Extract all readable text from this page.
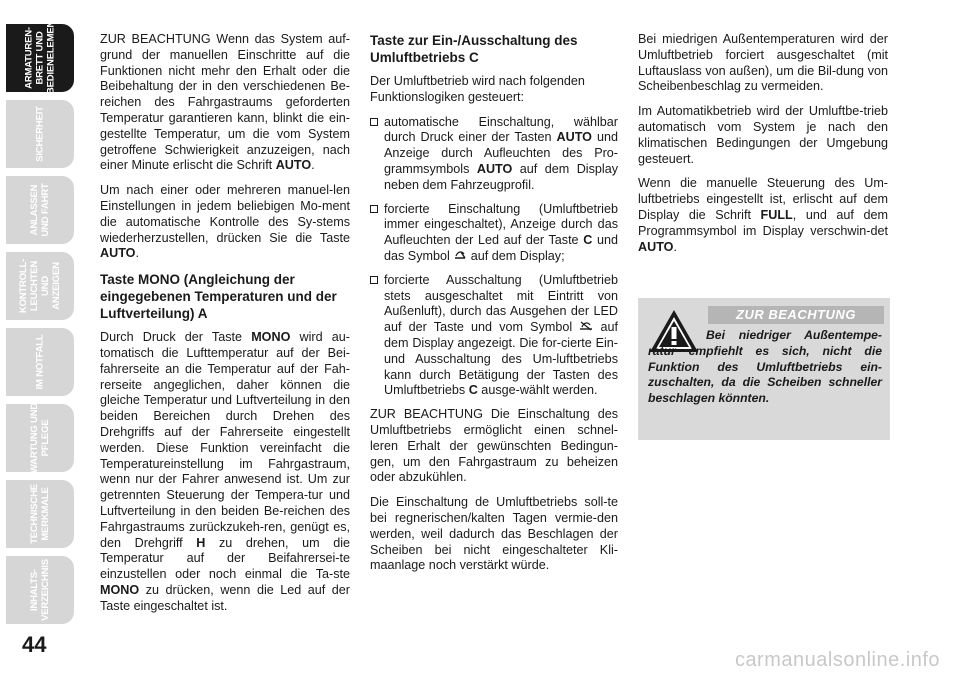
ARMATUREN-
BRETT UND
BEDIENELEMENTE
SICHERHEIT
ANLASSEN
UND FAHRT
KONTROLL-
LEUCHTEN UND
ANZEIGEN
IM NOTFALL
WARTUNG UND
PFLEGE
TECHNISCHE
MERKMALE
INHALTS-
VERZEICHNIS
44

ZUR BEACHTUNG Wenn das System auf-grund der manuellen Einschritte auf die Funktionen nicht mehr den Erhalt oder die Beibehaltung der in den verschiedenen Be-reichen des Fahrgastraums geforderten Temperatur garantieren kann, blinkt die ein-gestellte Temperatur, um die vom System getroffene Schwierigkeit anzuzeigen, nach einer Minute erlischt die Schrift AUTO.

Um nach einer oder mehreren manuel-len Einstellungen in jedem beliebigen Mo-ment die automatische Kontrolle des Sy-stems wiederherzustellen, drücken Sie die Taste AUTO.

Taste MONO (Angleichung der eingegebenen Temperaturen und der Luftverteilung) A

Durch Druck der Taste MONO wird au-tomatisch die Lufttemperatur auf der Bei-fahrerseite an die Temperatur auf der Fah-rerseite angeglichen, daher können die gleiche Temperatur und Luftverteilung in den beiden Bereichen durch Drehen des Drehgriffs auf der Fahrerseite eingestellt werden. Diese Funktion vereinfacht die Temperatureinstellung im Fahrgastraum, wenn nur der Fahrer anwesend ist. Um zur getrennten Steuerung der Tempera-tur und Luftverteilung in den beiden Be-reichen des Fahrgastraums zurückzukeh-ren, genügt es, den Drehgriff H zu drehen, um die Temperatur auf der Beifahrersei-te einzustellen oder noch einmal die Ta-ste MONO zu drücken, wenn die Led auf der Taste eingeschaltet ist.

Taste zur Ein-/Ausschaltung des Umluftbetriebs C

Der Umluftbetrieb wird nach folgenden Funktionslogiken gesteuert:

automatische Einschaltung, wählbar durch Druck einer der Tasten AUTO und Anzeige durch Aufleuchten des Pro-grammsymbols AUTO auf dem Display neben dem Fahrzeugprofil.
forcierte Einschaltung (Umluftbetrieb immer eingeschaltet), Anzeige durch das Aufleuchten der Led auf der Taste C und das Symbol  auf dem Display;
forcierte Ausschaltung (Umluftbetrieb stets ausgeschaltet mit Eintritt von Außenluft), durch das Ausgehen der LED auf der Taste und vom Symbol  auf dem Display angezeigt. Die for-cierte Ein- und Ausschaltung des Um-luftbetriebs kann durch Betätigung der Tasten des Umluftbetriebs C ausge-wählt werden.

ZUR BEACHTUNG Die Einschaltung des Umluftbetriebs ermöglicht einen schnel-leren Erhalt der gewünschten Bedingun-gen, um den Fahrgastraum zu beheizen oder abzukühlen.

Die Einschaltung de Umluftbetriebs soll-te bei regnerischen/kalten Tagen vermie-den werden, weil dadurch das Beschlagen der Scheiben bei nicht eingeschalteter Kli-maanlage noch verstärkt würde.

Bei miedrigen Außentemperaturen wird der Umluftbetrieb forciert ausgeschaltet (mit Luftauslass von außen), um die Bil-dung von Scheibenbeschlag zu vermeiden.

Im Automatikbetrieb wird der Umluftbe-trieb automatisch vom System je nach den klimatischen Bedingungen der Umgebung gesteuert.

Wenn die manuelle Steuerung des Um-luftbetriebs eingestellt ist, erlischt auf dem Display die Schrift FULL, und auf dem Programmsymbol im Display verschwin-det AUTO.

ZUR BEACHTUNG
Bei niedriger Außentempe-ratur empfiehlt es sich, nicht die Funktion des Umluftbetriebs ein-zuschalten, da die Scheiben schneller beschlagen könnten.
carmanualsonline.info
